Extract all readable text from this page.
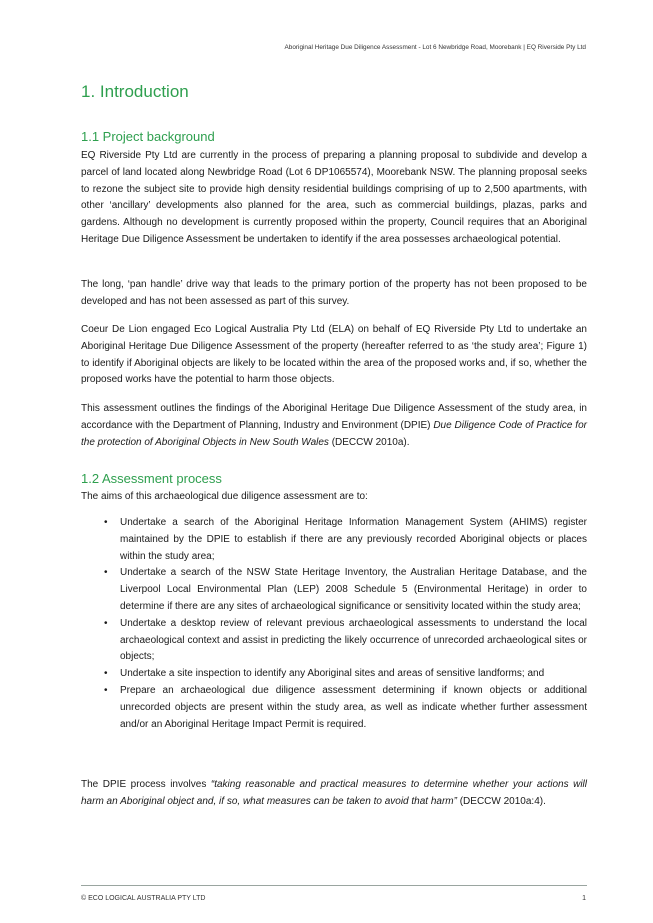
Aboriginal Heritage Due Diligence Assessment - Lot 6 Newbridge Road, Moorebank | EQ Riverside Pty Ltd
1. Introduction
1.1 Project background

EQ Riverside Pty Ltd are currently in the process of preparing a planning proposal to subdivide and develop a parcel of land located along Newbridge Road (Lot 6 DP1065574), Moorebank NSW. The planning proposal seeks to rezone the subject site to provide high density residential buildings comprising of up to 2,500 apartments, with other ‘ancillary’ developments also planned for the area, such as commercial buildings, plazas, parks and gardens. Although no development is currently proposed within the property, Council requires that an Aboriginal Heritage Due Diligence Assessment be undertaken to identify if the area possesses archaeological potential.

The long, ‘pan handle’ drive way that leads to the primary portion of the property has not been proposed to be developed and has not been assessed as part of this survey.

Coeur De Lion engaged Eco Logical Australia Pty Ltd (ELA) on behalf of EQ Riverside Pty Ltd to undertake an Aboriginal Heritage Due Diligence Assessment of the property (hereafter referred to as ‘the study area’; Figure 1) to identify if Aboriginal objects are likely to be located within the area of the proposed works and, if so, whether the proposed works have the potential to harm those objects.

This assessment outlines the findings of the Aboriginal Heritage Due Diligence Assessment of the study area, in accordance with the Department of Planning, Industry and Environment (DPIE) Due Diligence Code of Practice for the protection of Aboriginal Objects in New South Wales (DECCW 2010a).

1.2 Assessment process

The aims of this archaeological due diligence assessment are to:

• Undertake a search of the Aboriginal Heritage Information Management System (AHIMS) register maintained by the DPIE to establish if there are any previously recorded Aboriginal objects or places within the study area;
• Undertake a search of the NSW State Heritage Inventory, the Australian Heritage Database, and the Liverpool Local Environmental Plan (LEP) 2008 Schedule 5 (Environmental Heritage) in order to determine if there are any sites of archaeological significance or sensitivity located within the study area;
• Undertake a desktop review of relevant previous archaeological assessments to understand the local archaeological context and assist in predicting the likely occurrence of unrecorded archaeological sites or objects;
• Undertake a site inspection to identify any Aboriginal sites and areas of sensitive landforms; and
• Prepare an archaeological due diligence assessment determining if known objects or additional unrecorded objects are present within the study area, as well as indicate whether further assessment and/or an Aboriginal Heritage Impact Permit is required.

The DPIE process involves “taking reasonable and practical measures to determine whether your actions will harm an Aboriginal object and, if so, what measures can be taken to avoid that harm” (DECCW 2010a:4).

© ECO LOGICAL AUSTRALIA PTY LTD	1
